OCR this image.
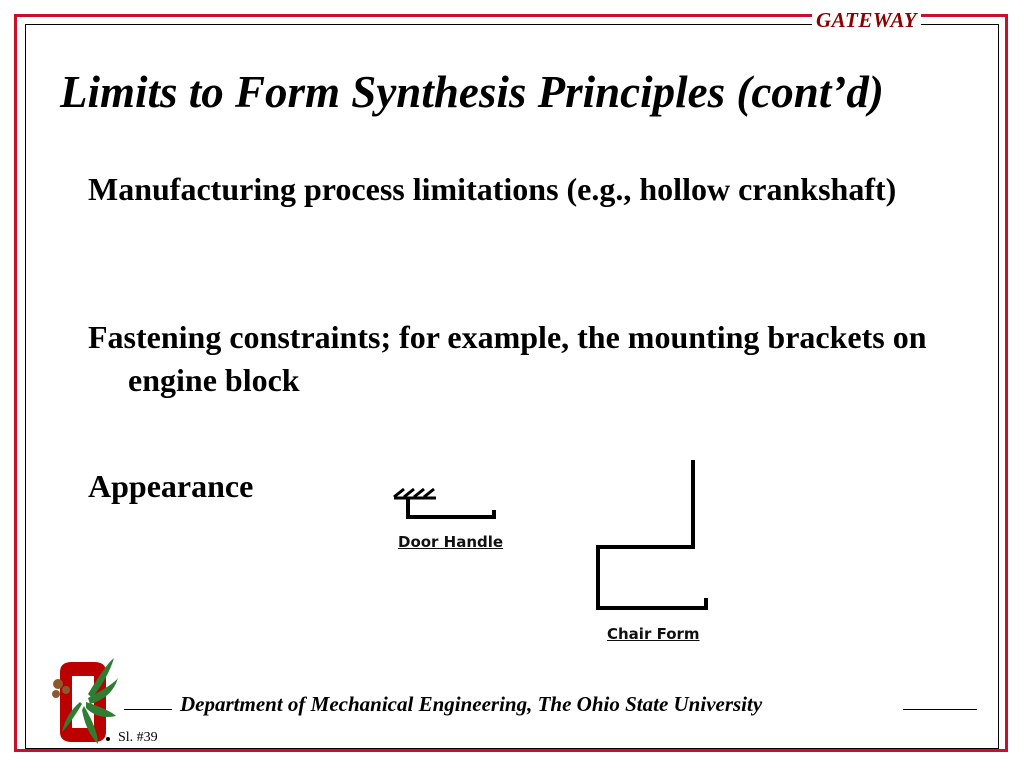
GATEWAY
Limits to Form Synthesis Principles (cont’d)

Manufacturing process limitations (e.g., hollow crankshaft)

Fastening constraints; for example, the mounting brackets on engine block

Appearance

Door Handle
Chair Form
Department of Mechanical Engineering, The Ohio State University
Sl. #39
